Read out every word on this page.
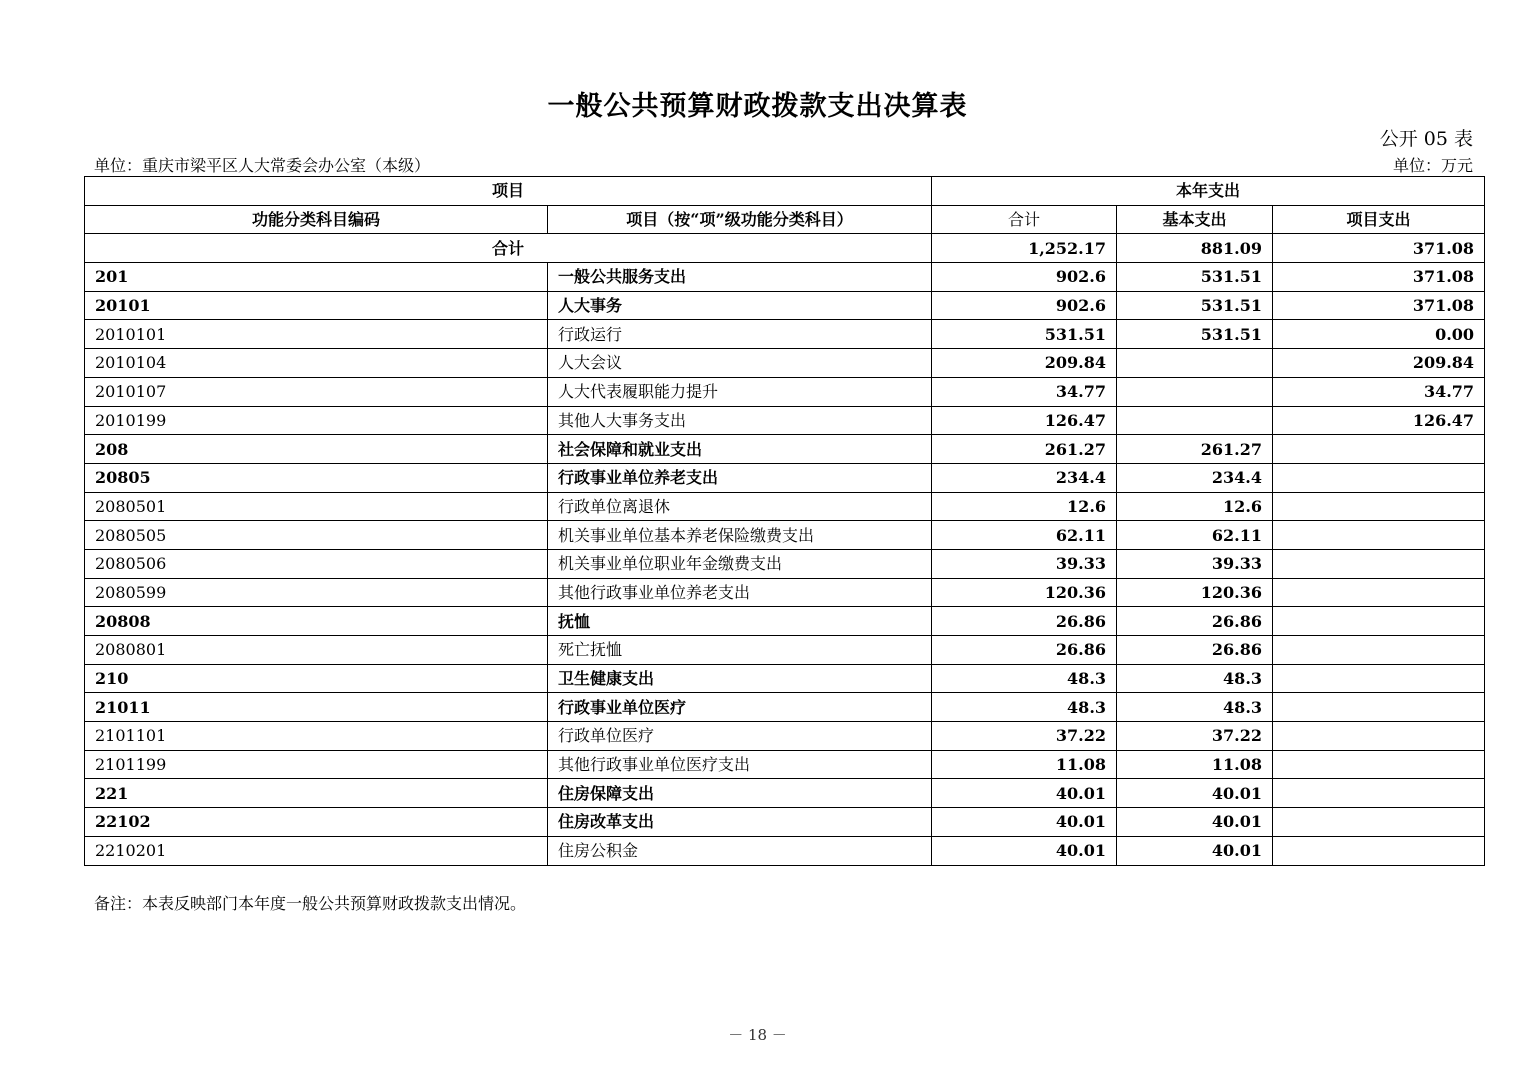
一般公共预算财政拨款支出决算表
公开 05 表
单位：重庆市梁平区人大常委会办公室（本级）	单位：万元
项目		本年支出		
功能分类科目编码	项目（按“项”级功能分类科目）	合计	基本支出	项目支出
合计		1,252.17	881.09	371.08
201	一般公共服务支出	902.6	531.51	371.08
20101	人大事务	902.6	531.51	371.08
2010101	行政运行	531.51	531.51	0.00
2010104	人大会议	209.84		209.84
2010107	人大代表履职能力提升	34.77		34.77
2010199	其他人大事务支出	126.47		126.47
208	社会保障和就业支出	261.27	261.27	
20805	行政事业单位养老支出	234.4	234.4	
2080501	行政单位离退休	12.6	12.6	
2080505	机关事业单位基本养老保险缴费支出	62.11	62.11	
2080506	机关事业单位职业年金缴费支出	39.33	39.33	
2080599	其他行政事业单位养老支出	120.36	120.36	
20808	抚恤	26.86	26.86	
2080801	死亡抚恤	26.86	26.86	
210	卫生健康支出	48.3	48.3	
21011	行政事业单位医疗	48.3	48.3	
2101101	行政单位医疗	37.22	37.22	
2101199	其他行政事业单位医疗支出	11.08	11.08	
221	住房保障支出	40.01	40.01	
22102	住房改革支出	40.01	40.01	
2210201	住房公积金	40.01	40.01	
备注：本表反映部门本年度一般公共预算财政拨款支出情况。
－ 18 －
